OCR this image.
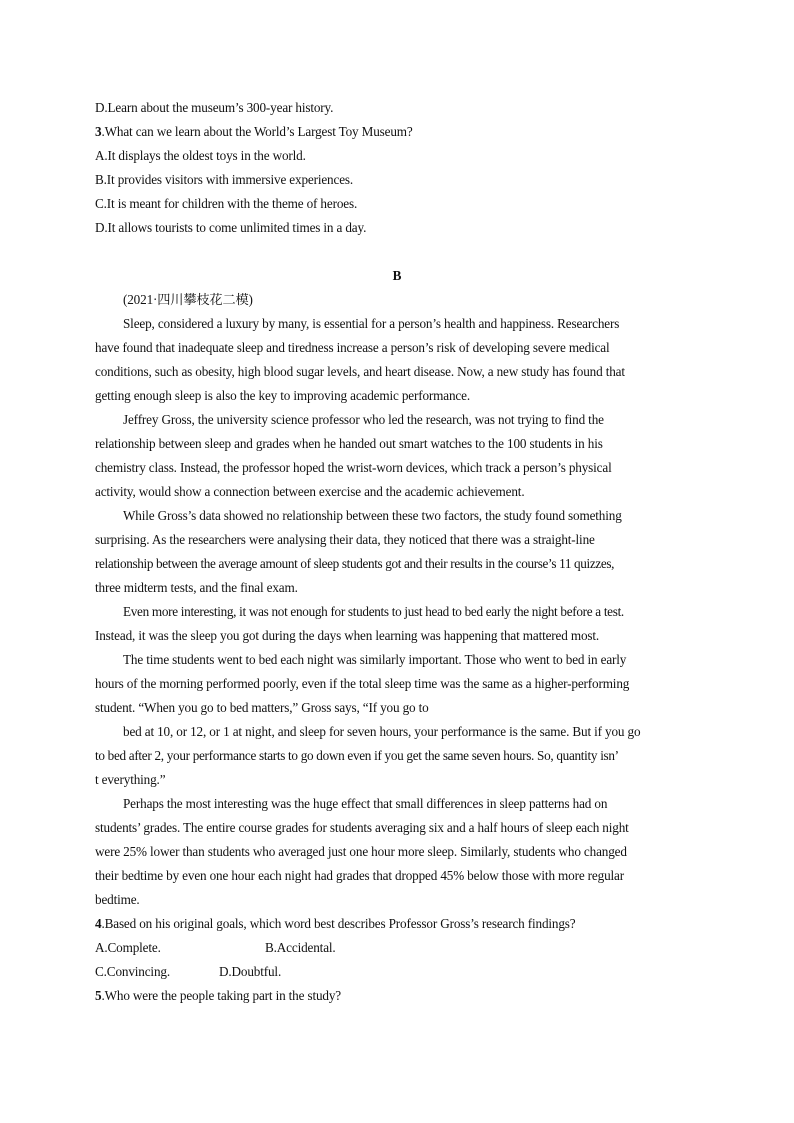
D.Learn about the museum’s 300-year history.
3.What can we learn about the World’s Largest Toy Museum?
A.It displays the oldest toys in the world.
B.It provides visitors with immersive experiences.
C.It is meant for children with the theme of heroes.
D.It allows tourists to come unlimited times in a day.
B
(2021·四川攀枝花二模)
Sleep, considered a luxury by many, is essential for a person’s health and happiness. Researchers
have found that inadequate sleep and tiredness increase a person’s risk of developing severe medical
conditions, such as obesity, high blood sugar levels, and heart disease. Now, a new study has found that
getting enough sleep is also the key to improving academic performance.
Jeffrey Gross, the university science professor who led the research, was not trying to find the
relationship between sleep and grades when he handed out smart watches to the 100 students in his
chemistry class. Instead, the professor hoped the wrist-worn devices, which track a person’s physical
activity, would show a connection between exercise and the academic achievement.
While Gross’s data showed no relationship between these two factors, the study found something
surprising. As the researchers were analysing their data, they noticed that there was a straight-line
relationship between the average amount of sleep students got and their results in the course’s 11 quizzes,
three midterm tests, and the final exam.
Even more interesting, it was not enough for students to just head to bed early the night before a test.
Instead, it was the sleep you got during the days when learning was happening that mattered most.
The time students went to bed each night was similarly important. Those who went to bed in early
hours of the morning performed poorly, even if the total sleep time was the same as a higher-performing
student. “When you go to bed matters,” Gross says, “If you go to
bed at 10, or 12, or 1 at night, and sleep for seven hours, your performance is the same. But if you go
to bed after 2, your performance starts to go down even if you get the same seven hours. So, quantity isn’
t everything.”
Perhaps the most interesting was the huge effect that small differences in sleep patterns had on
students’ grades. The entire course grades for students averaging six and a half hours of sleep each night
were 25% lower than students who averaged just one hour more sleep. Similarly, students who changed
their bedtime by even one hour each night had grades that dropped 45% below those with more regular
bedtime.
4.Based on his original goals, which word best describes Professor Gross’s research findings?
A.Complete.	B.Accidental.
C.Convincing.	D.Doubtful.
5.Who were the people taking part in the study?
